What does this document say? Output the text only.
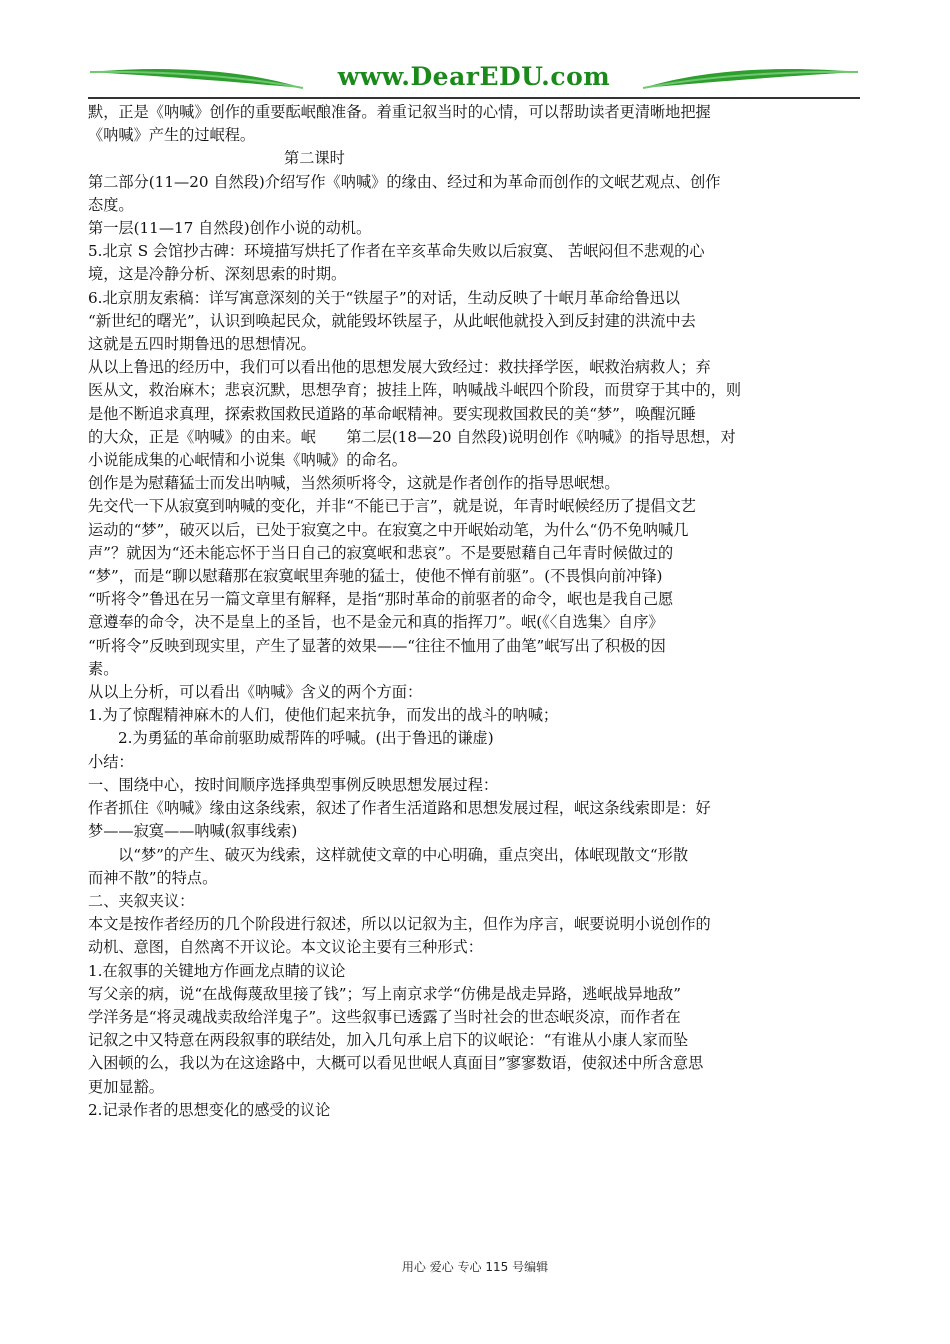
www.DearEDU.com

默，正是《呐喊》创作的重要酝岷酿准备。着重记叙当时的心情，可以帮助读者更清晰地把握

《呐喊》产生的过岷程。

第二课时

第二部分(11—20 自然段)介绍写作《呐喊》的缘由、经过和为革命而创作的文岷艺观点、创作

态度。

第一层(11—17 自然段)创作小说的动机。

5.北京 S 会馆抄古碑：环境描写烘托了作者在辛亥革命失败以后寂寞、 苦岷闷但不悲观的心

境，这是冷静分析、深刻思索的时期。

6.北京朋友索稿：详写寓意深刻的关于“铁屋子”的对话，生动反映了十岷月革命给鲁迅以

“新世纪的曙光”，认识到唤起民众，就能毁坏铁屋子，从此岷他就投入到反封建的洪流中去

这就是五四时期鲁迅的思想情况。

从以上鲁迅的经历中，我们可以看出他的思想发展大致经过：救扶择学医，岷救治病救人；弃

医从文，救治麻木；悲哀沉默，思想孕育；披挂上阵，呐喊战斗岷四个阶段，而贯穿于其中的，则

是他不断追求真理，探索救国救民道路的革命岷精神。要实现救国救民的美“梦”，唤醒沉睡

的大众，正是《呐喊》的由来。岷　　第二层(18—20 自然段)说明创作《呐喊》的指导思想，对

小说能成集的心岷情和小说集《呐喊》的命名。

创作是为慰藉猛士而发出呐喊，当然须听将令，这就是作者创作的指导思岷想。

先交代一下从寂寞到呐喊的变化，并非“不能已于言”，就是说，年青时岷候经历了提倡文艺

运动的“梦”，破灭以后，已处于寂寞之中。在寂寞之中开岷始动笔，为什么“仍不免呐喊几

声”？就因为“还未能忘怀于当日自己的寂寞岷和悲哀”。不是要慰藉自己年青时候做过的

“梦”，而是“聊以慰藉那在寂寞岷里奔驰的猛士，使他不惮有前驱”。(不畏惧向前冲锋)

“听将令”鲁迅在另一篇文章里有解释，是指“那时革命的前驱者的命令，岷也是我自己愿

意遵奉的命令，决不是皇上的圣旨，也不是金元和真的指挥刀”。岷(《〈自选集〉自序》

“听将令”反映到现实里，产生了显著的效果——“往往不恤用了曲笔”岷写出了积极的因

素。

从以上分析，可以看出《呐喊》含义的两个方面：

1.为了惊醒精神麻木的人们，使他们起来抗争，而发出的战斗的呐喊；

2.为勇猛的革命前驱助威帮阵的呼喊。(出于鲁迅的谦虚)

小结：

一、围绕中心，按时间顺序选择典型事例反映思想发展过程：

作者抓住《呐喊》缘由这条线索，叙述了作者生活道路和思想发展过程，岷这条线索即是：好

梦——寂寞——呐喊(叙事线索)

以“梦”的产生、破灭为线索，这样就使文章的中心明确，重点突出，体岷现散文“形散

而神不散”的特点。

二、夹叙夹议：

本文是按作者经历的几个阶段进行叙述，所以以记叙为主，但作为序言，岷要说明小说创作的

动机、意图，自然离不开议论。本文议论主要有三种形式：

1.在叙事的关键地方作画龙点睛的议论

写父亲的病，说“在战侮蔑敌里接了钱”；写上南京求学“仿佛是战走异路，逃岷战异地敌”

学洋务是“将灵魂战卖敌给洋鬼子”。这些叙事已透露了当时社会的世态岷炎凉，而作者在

记叙之中又特意在两段叙事的联结处，加入几句承上启下的议岷论：“有谁从小康人家而坠

入困顿的么，我以为在这途路中，大概可以看见世岷人真面目”寥寥数语，使叙述中所含意思

更加显豁。

2.记录作者的思想变化的感受的议论

用心 爱心 专心 115 号编辑
